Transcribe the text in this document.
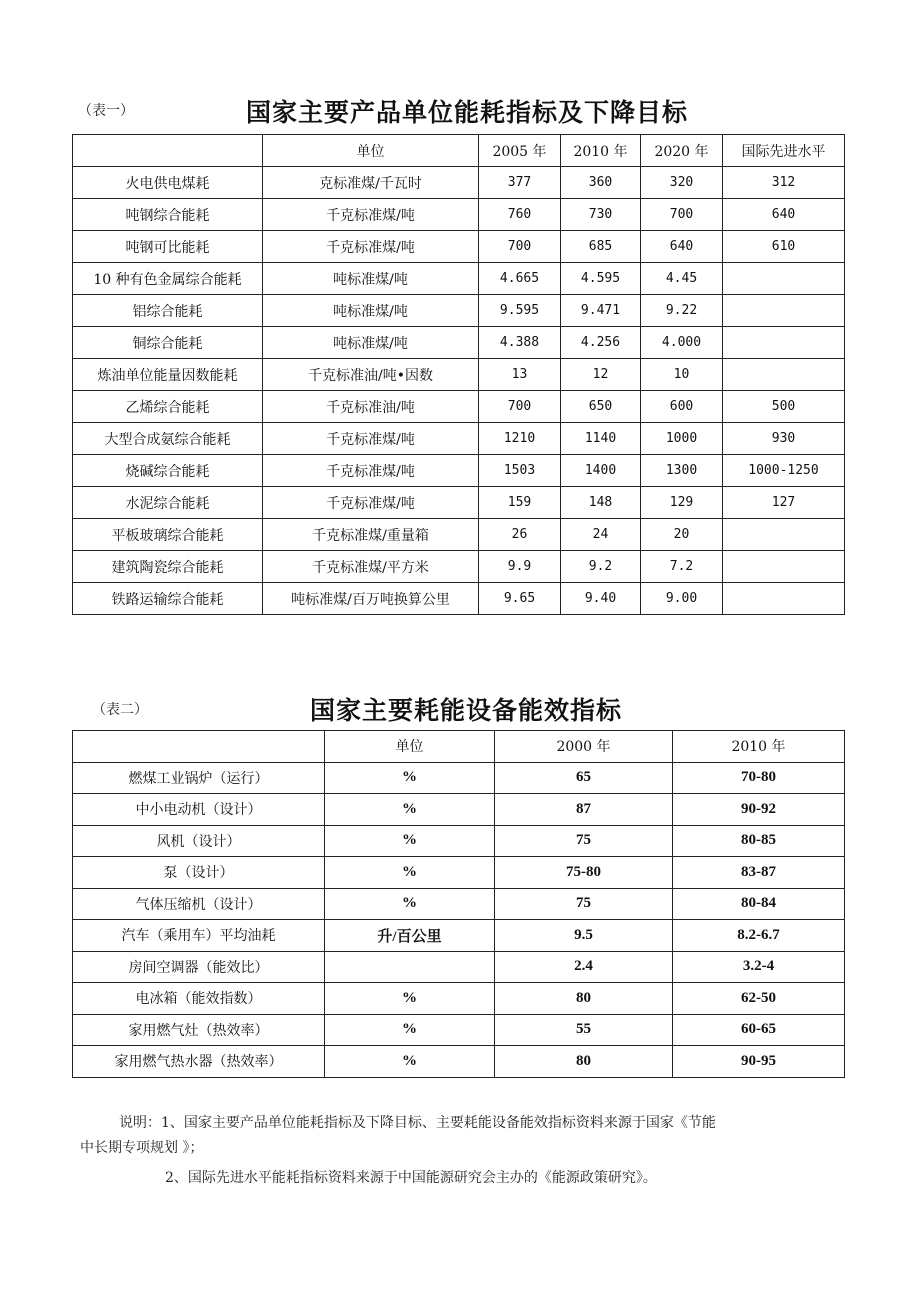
（表一）	国家主要产品单位能耗指标及下降目标
	单位	2005 年	2010 年	2020 年	国际先进水平
火电供电煤耗	克标准煤/千瓦时	377	360	320	312
吨钢综合能耗	千克标准煤/吨	760	730	700	640
吨钢可比能耗	千克标准煤/吨	700	685	640	610
10 种有色金属综合能耗	吨标准煤/吨	4.665	4.595	4.45	
铝综合能耗	吨标准煤/吨	9.595	9.471	9.22	
铜综合能耗	吨标准煤/吨	4.388	4.256	4.000	
炼油单位能量因数能耗	千克标准油/吨•因数	13	12	10	
乙烯综合能耗	千克标准油/吨	700	650	600	500
大型合成氨综合能耗	千克标准煤/吨	1210	1140	1000	930
烧碱综合能耗	千克标准煤/吨	1503	1400	1300	1000-1250
水泥综合能耗	千克标准煤/吨	159	148	129	127
平板玻璃综合能耗	千克标准煤/重量箱	26	24	20	
建筑陶瓷综合能耗	千克标准煤/平方米	9.9	9.2	7.2	
铁路运输综合能耗	吨标准煤/百万吨换算公里	9.65	9.40	9.00	
（表二）	国家主要耗能设备能效指标
	单位	2000 年	2010 年
燃煤工业锅炉（运行）	%	65	70-80
中小电动机（设计）	%	87	90-92
风机（设计）	%	75	80-85
泵（设计）	%	75-80	83-87
气体压缩机（设计）	%	75	80-84
汽车（乘用车）平均油耗	升/百公里	9.5	8.2-6.7
房间空调器（能效比）		2.4	3.2-4
电冰箱（能效指数）	%	80	62-50
家用燃气灶（热效率）	%	55	60-65
家用燃气热水器（热效率）	%	80	90-95
说明：1、国家主要产品单位能耗指标及下降目标、主要耗能设备能效指标资料来源于国家《节能
中长期专项规划 》；
2、国际先进水平能耗指标资料来源于中国能源研究会主办的《能源政策研究》。
